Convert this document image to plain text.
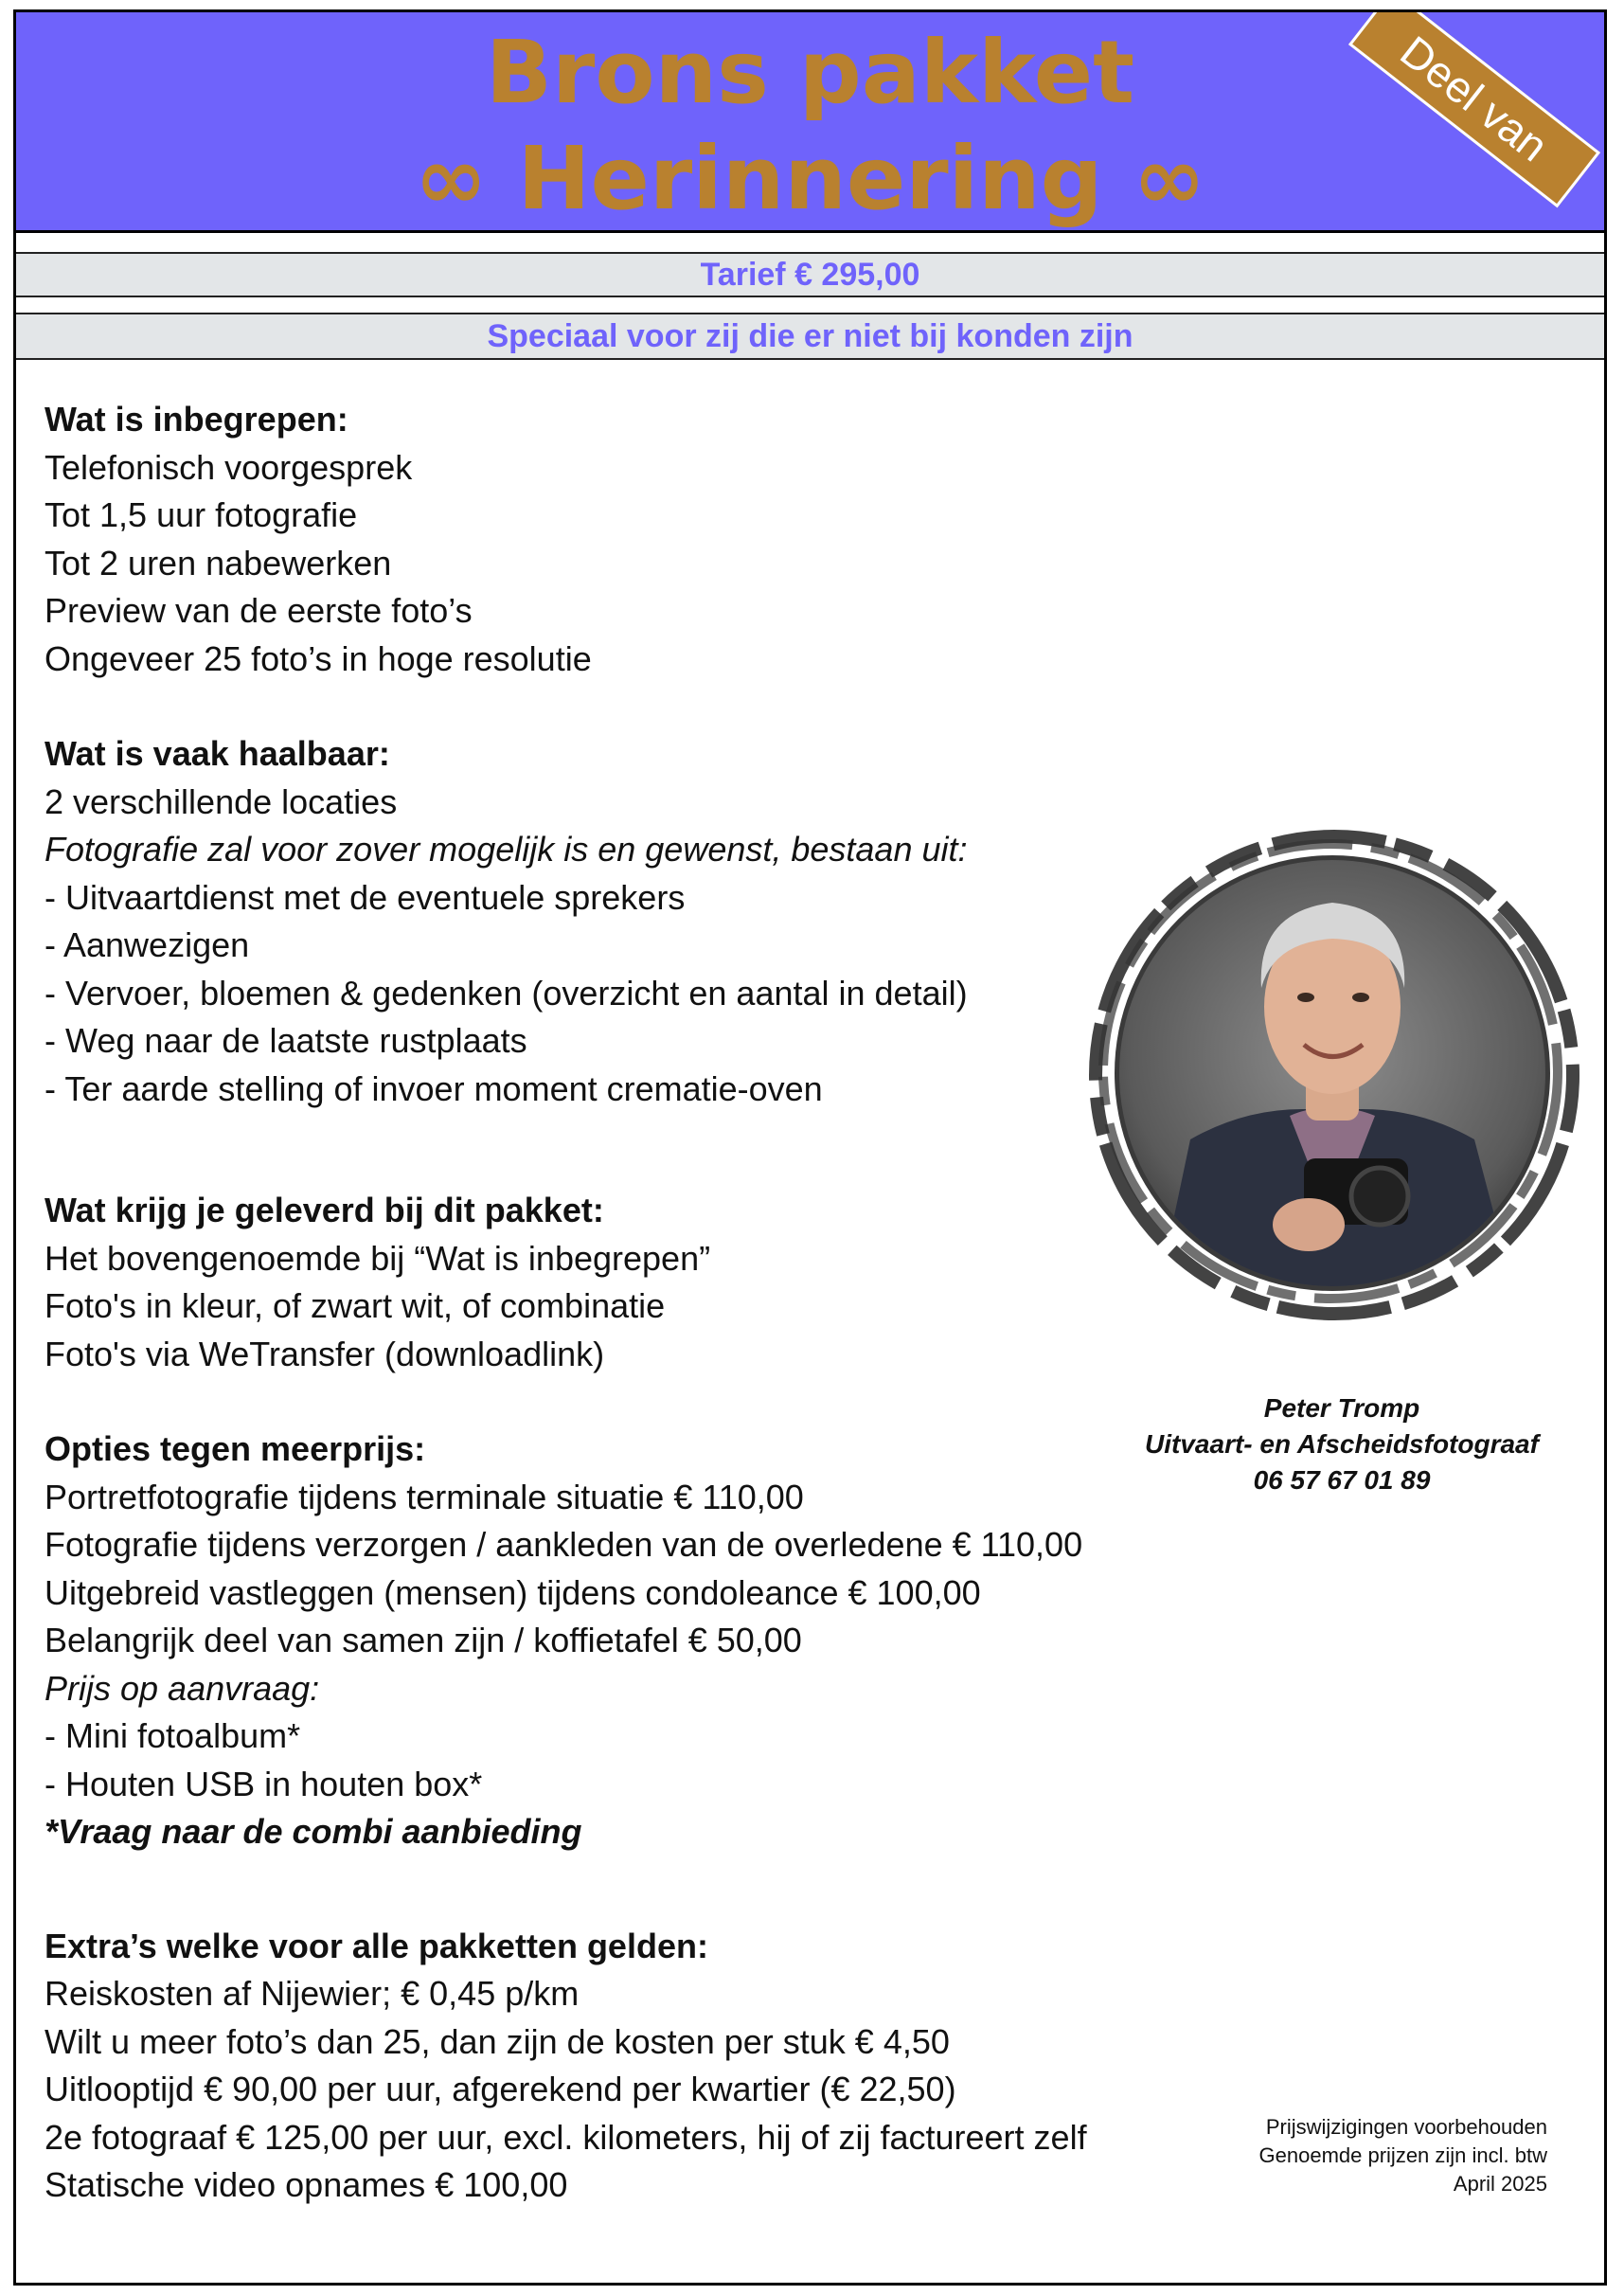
Brons pakket
∞ Herinnering ∞
Deel van
Tarief € 295,00
Speciaal voor zij die er niet bij konden zijn
Wat is inbegrepen:
Telefonisch voorgesprek
Tot 1,5 uur fotografie
Tot 2 uren nabewerken
Preview van de eerste foto’s
Ongeveer 25 foto’s in hoge resolutie
Wat is vaak haalbaar:
2 verschillende locaties
Fotografie zal voor zover mogelijk is en gewenst, bestaan uit:
- Uitvaartdienst met de eventuele sprekers
- Aanwezigen
- Vervoer, bloemen & gedenken (overzicht en aantal in detail)
- Weg naar de laatste rustplaats
- Ter aarde stelling of invoer moment crematie-oven
Wat krijg je geleverd bij dit pakket:
Het bovengenoemde bij “Wat is inbegrepen”
Foto's in kleur, of zwart wit, of combinatie
Foto's via WeTransfer (downloadlink)
Opties tegen meerprijs:
Portretfotografie tijdens terminale situatie € 110,00
Fotografie tijdens verzorgen / aankleden van de overledene € 110,00
Uitgebreid vastleggen (mensen) tijdens condoleance € 100,00
Belangrijk deel van samen zijn / koffietafel € 50,00
Prijs op aanvraag:
- Mini fotoalbum*
- Houten USB in houten box*
*Vraag naar de combi aanbieding
Extra’s welke voor alle pakketten gelden:
Reiskosten af Nijewier; € 0,45 p/km
Wilt u meer foto’s dan 25, dan zijn de kosten per stuk € 4,50
Uitlooptijd € 90,00 per uur, afgerekend per kwartier (€ 22,50)
2e fotograaf € 125,00 per uur, excl. kilometers, hij of zij factureert zelf
Statische video opnames € 100,00
Peter Tromp
Uitvaart- en Afscheidsfotograaf
06 57 67 01 89
Prijswijzigingen voorbehouden
Genoemde prijzen zijn incl. btw
April 2025
